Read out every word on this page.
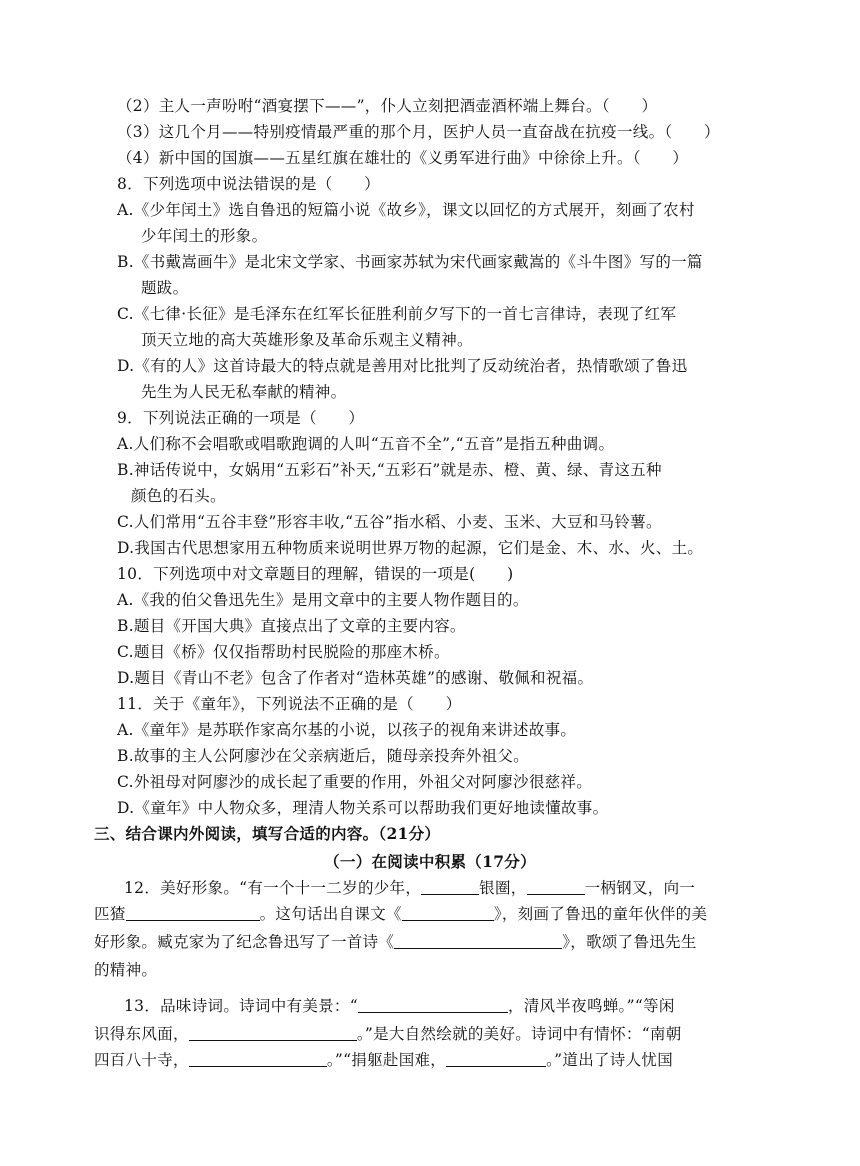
（2）主人一声吩咐“酒宴摆下——”，仆人立刻把酒壶酒杯端上舞台。（　　）
（3）这几个月——特别疫情最严重的那个月，医护人员一直奋战在抗疫一线。（　　）
（4）新中国的国旗——五星红旗在雄壮的《义勇军进行曲》中徐徐上升。（　　）
8．下列选项中说法错误的是（　　）
A.《少年闰土》选自鲁迅的短篇小说《故乡》，课文以回忆的方式展开，刻画了农村
少年闰土的形象。
B.《书戴嵩画牛》是北宋文学家、书画家苏轼为宋代画家戴嵩的《斗牛图》写的一篇
题跋。
C.《七律·长征》是毛泽东在红军长征胜利前夕写下的一首七言律诗，表现了红军
顶天立地的高大英雄形象及革命乐观主义精神。
D.《有的人》这首诗最大的特点就是善用对比批判了反动统治者，热情歌颂了鲁迅
先生为人民无私奉献的精神。
9．下列说法正确的一项是（　　）
A.人们称不会唱歌或唱歌跑调的人叫“五音不全”,“五音”是指五种曲调。
B.神话传说中，女娲用“五彩石”补天,“五彩石”就是赤、橙、黄、绿、青这五种
颜色的石头。
C.人们常用“五谷丰登”形容丰收,“五谷”指水稻、小麦、玉米、大豆和马铃薯。
D.我国古代思想家用五种物质来说明世界万物的起源，它们是金、木、水、火、土。
10．下列选项中对文章题目的理解，错误的一项是(　　)
A.《我的伯父鲁迅先生》是用文章中的主要人物作题目的。
B.题目《开国大典》直接点出了文章的主要内容。
C.题目《桥》仅仅指帮助村民脱险的那座木桥。
D.题目《青山不老》包含了作者对“造林英雄”的感谢、敬佩和祝福。
11．关于《童年》，下列说法不正确的是（　　）
A.《童年》是苏联作家高尔基的小说，以孩子的视角来讲述故事。
B.故事的主人公阿廖沙在父亲病逝后，随母亲投奔外祖父。
C.外祖母对阿廖沙的成长起了重要的作用，外祖父对阿廖沙很慈祥。
D.《童年》中人物众多，理清人物关系可以帮助我们更好地读懂故事。
三、结合课内外阅读，填写合适的内容。（21分）
（一）在阅读中积累（17分）
12．美好形象。“有一个十一二岁的少年，	银圈，	一柄钢叉，向一
匹猹	。这句话出自课文《	》，刻画了鲁迅的童年伙伴的美
好形象。臧克家为了纪念鲁迅写了一首诗《	》，歌颂了鲁迅先生
的精神。
13．品味诗词。诗词中有美景：“	，清风半夜鸣蝉。”“等闲
识得东风面，	。”是大自然绘就的美好。诗词中有情怀：“南朝
四百八十寺，	。”“捐躯赴国难，	。”道出了诗人忧国
